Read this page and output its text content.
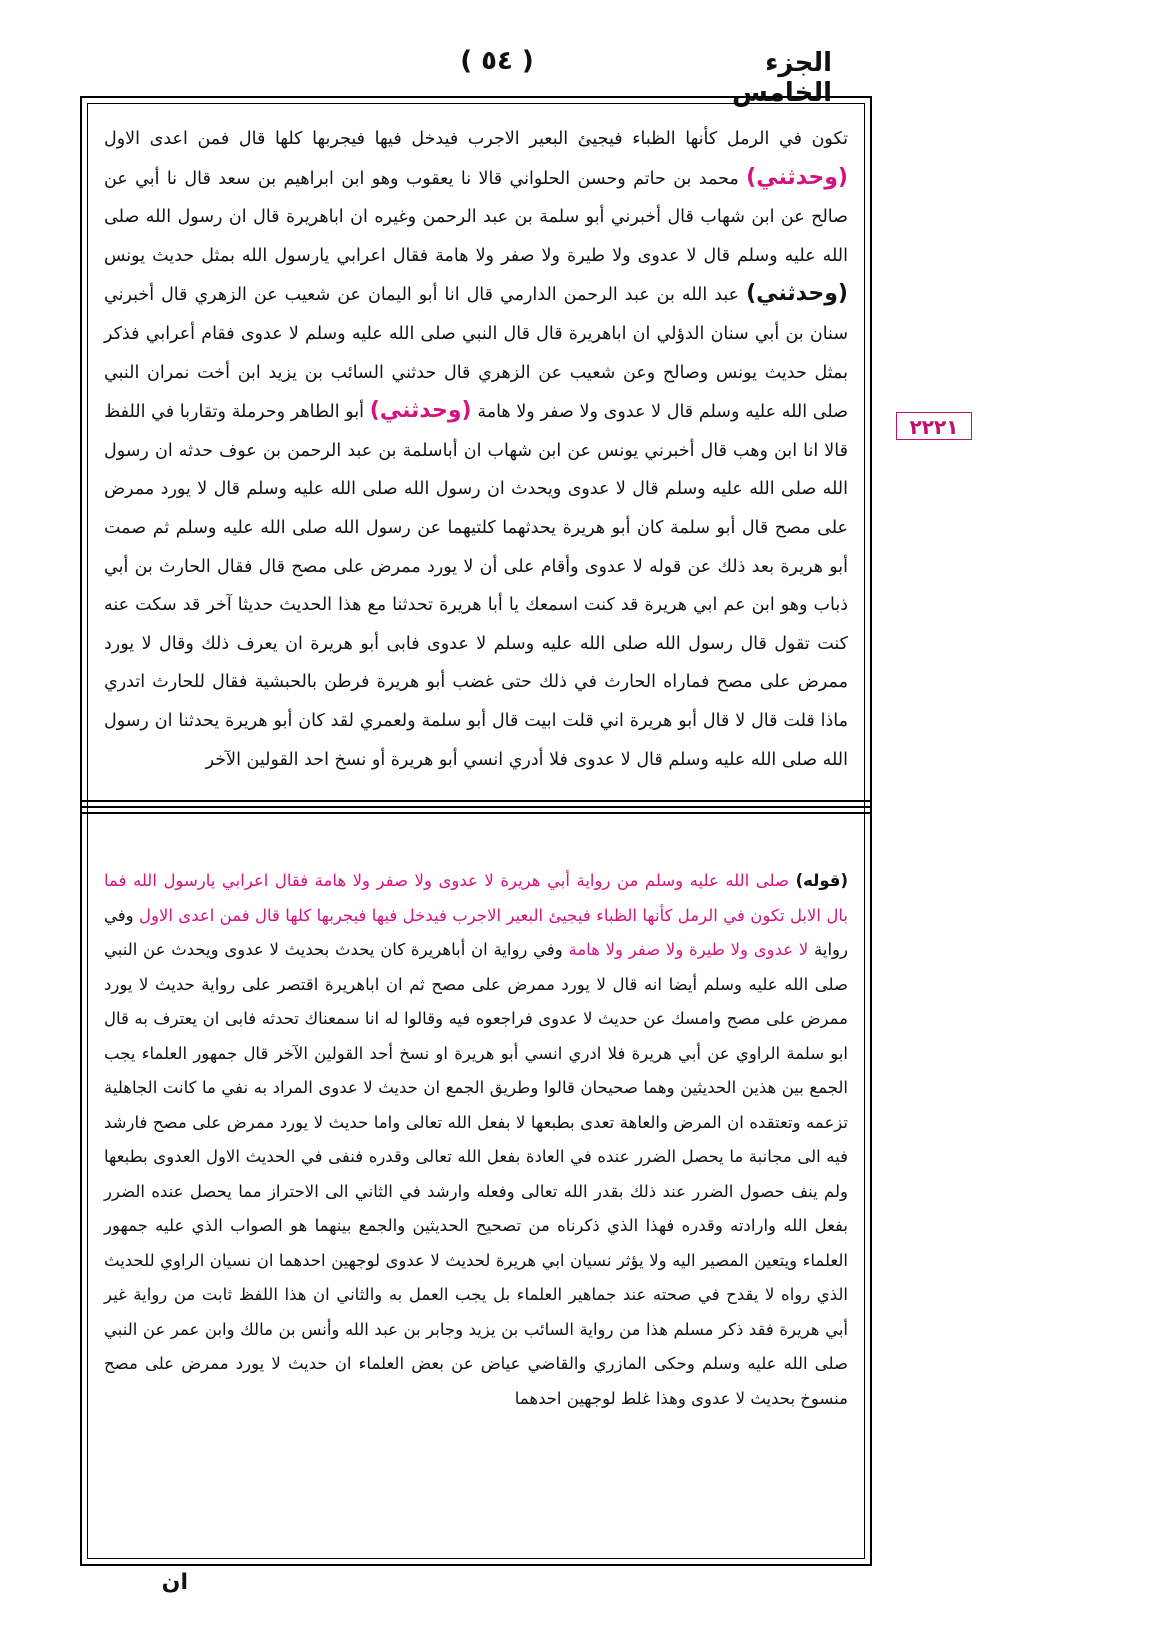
الجزء الخامس
( ٥٤ )
٢٢٢١

تكون في الرمل كأنها الظباء فيجيئ البعير الاجرب فيدخل فيها فيجربها كلها قال فمن اعدى الاول (وحدثني) محمد بن حاتم وحسن الحلواني قالا نا يعقوب وهو ابن ابراهيم بن سعد قال نا أبي عن صالح عن ابن شهاب قال أخبرني أبو سلمة بن عبد الرحمن وغيره ان اباهريرة قال ان رسول الله صلى الله عليه وسلم قال لا عدوى ولا طيرة ولا صفر ولا هامة فقال اعرابي يارسول الله بمثل حديث يونس (وحدثني) عبد الله بن عبد الرحمن الدارمي قال انا أبو اليمان عن شعيب عن الزهري قال أخبرني سنان بن أبي سنان الدؤلي ان اباهريرة قال قال النبي صلى الله عليه وسلم لا عدوى فقام أعرابي فذكر بمثل حديث يونس وصالح وعن شعيب عن الزهري قال حدثني السائب بن يزيد ابن أخت نمران النبي صلى الله عليه وسلم قال لا عدوى ولا صفر ولا هامة (وحدثني) أبو الطاهر وحرملة وتقاربا في اللفظ قالا انا ابن وهب قال أخبرني يونس عن ابن شهاب ان أباسلمة بن عبد الرحمن بن عوف حدثه ان رسول الله صلى الله عليه وسلم قال لا عدوى ويحدث ان رسول الله صلى الله عليه وسلم قال لا يورد ممرض على مصح قال أبو سلمة كان أبو هريرة يحدثهما كلتيهما عن رسول الله صلى الله عليه وسلم ثم صمت أبو هريرة بعد ذلك عن قوله لا عدوى وأقام على أن لا يورد ممرض على مصح قال فقال الحارث بن أبي ذباب وهو ابن عم ابي هريرة قد كنت اسمعك يا أبا هريرة تحدثنا مع هذا الحديث حديثا آخر قد سكت عنه كنت تقول قال رسول الله صلى الله عليه وسلم لا عدوى فابى أبو هريرة ان يعرف ذلك وقال لا يورد ممرض على مصح فماراه الحارث في ذلك حتى غضب أبو هريرة فرطن بالحبشية فقال للحارث اتدري ماذا قلت قال لا قال أبو هريرة اني قلت ابيت قال أبو سلمة ولعمري لقد كان أبو هريرة يحدثنا ان رسول الله صلى الله عليه وسلم قال لا عدوى فلا أدري انسي أبو هريرة أو نسخ احد القولين الآخر

(قوله) صلى الله عليه وسلم من رواية أبي هريرة لا عدوى ولا صفر ولا هامة فقال اعرابي يارسول الله فما بال الابل تكون في الرمل كأنها الظباء فيجيئ البعير الاجرب فيدخل فيها فيجربها كلها قال فمن اعدى الاول وفي رواية لا عدوى ولا طيرة ولا صفر ولا هامة وفي رواية ان أباهريرة كان يحدث بحديث لا عدوى ويحدث عن النبي صلى الله عليه وسلم أيضا انه قال لا يورد ممرض على مصح ثم ان اباهريرة اقتصر على رواية حديث لا يورد ممرض على مصح وامسك عن حديث لا عدوى فراجعوه فيه وقالوا له انا سمعناك تحدثه فابى ان يعترف به قال ابو سلمة الراوي عن أبي هريرة فلا ادري انسي أبو هريرة او نسخ أحد القولين الآخر قال جمهور العلماء يجب الجمع بين هذين الحديثين وهما صحيحان قالوا وطريق الجمع ان حديث لا عدوى المراد به نفي ما كانت الجاهلية تزعمه وتعتقده ان المرض والعاهة تعدى بطبعها لا بفعل الله تعالى واما حديث لا يورد ممرض على مصح فارشد فيه الى مجانبة ما يحصل الضرر عنده في العادة بفعل الله تعالى وقدره فنفى في الحديث الاول العدوى بطبعها ولم ينف حصول الضرر عند ذلك بقدر الله تعالى وفعله وارشد في الثاني الى الاحتراز مما يحصل عنده الضرر بفعل الله وارادته وقدره فهذا الذي ذكرناه من تصحيح الحديثين والجمع بينهما هو الصواب الذي عليه جمهور العلماء ويتعين المصير اليه ولا يؤثر نسيان ابي هريرة لحديث لا عدوى لوجهين احدهما ان نسيان الراوي للحديث الذي رواه لا يقدح في صحته عند جماهير العلماء بل يجب العمل به والثاني ان هذا اللفظ ثابت من رواية غير أبي هريرة فقد ذكر مسلم هذا من رواية السائب بن يزيد وجابر بن عبد الله وأنس بن مالك وابن عمر عن النبي صلى الله عليه وسلم وحكى المازري والقاضي عياض عن بعض العلماء ان حديث لا يورد ممرض على مصح منسوخ بحديث لا عدوى وهذا غلط لوجهين احدهما

ان
